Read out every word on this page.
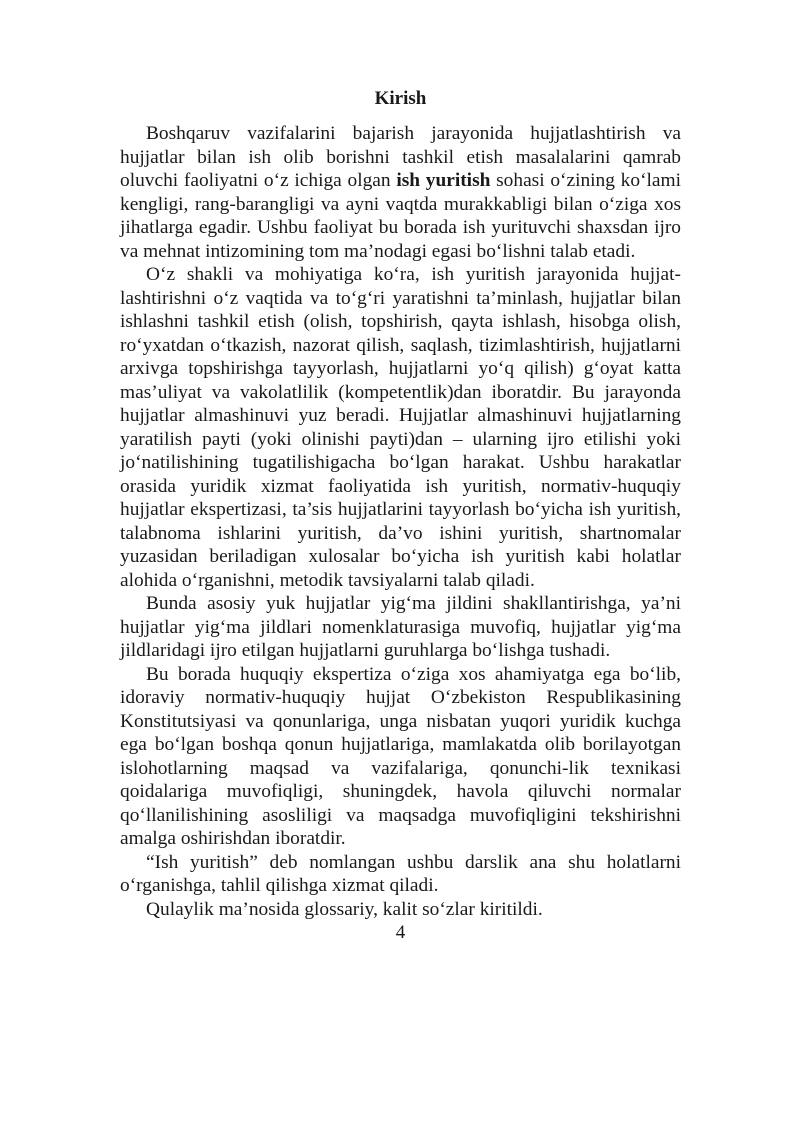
Kirish

Boshqaruv vazifalarini bajarish jarayonida hujjatlashtirish va hujjatlar bilan ish olib borishni tashkil etish masalalarini qamrab oluvchi faoliyatni o‘z ichiga olgan ish yuritish sohasi o‘zining ko‘lami kengligi, rang-barangligi va ayni vaqtda murakkabligi bilan o‘ziga xos jihatlarga egadir. Ushbu faoliyat bu borada ish yurituvchi shaxsdan ijro va mehnat intizomining tom ma’nodagi egasi bo‘lishni talab etadi.

O‘z shakli va mohiyatiga ko‘ra, ish yuritish jarayonida hujjatlashtirishni o‘z vaqtida va to‘g‘ri yaratishni ta’minlash, hujjatlar bilan ishlashni tashkil etish (olish, topshirish, qayta ishlash, hisobga olish, ro‘yxatdan o‘tkazish, nazorat qilish, saqlash, tizimlashtirish, hujjatlarni arxivga topshirishga tayyorlash, hujjatlarni yo‘q qilish) g‘oyat katta mas’uliyat va vakolatlilik (kompetentlik)dan iboratdir. Bu jarayonda hujjatlar almashinuvi yuz beradi. Hujjatlar almashinuvi hujjatlarning yaratilish payti (yoki olinishi payti)dan – ularning ijro etilishi yoki jo‘natilishining tugatilishigacha bo‘lgan harakat. Ushbu harakatlar orasida yuridik xizmat faoliyatida ish yuritish, normativ-huquqiy hujjatlar ekspertizasi, ta’sis hujjatlarini tayyorlash bo‘yicha ish yuritish, talabnoma ishlarini yuritish, da’vo ishini yuritish, shartnomalar yuzasidan beriladigan xulosalar bo‘yicha ish yuritish kabi holatlar alohida o‘rganishni, metodik tavsiyalarni talab qiladi.

Bunda asosiy yuk hujjatlar yig‘ma jildini shakllantirishga, ya’ni hujjatlar yig‘ma jildlari nomenklaturasiga muvofiq, hujjatlar yig‘ma jildlaridagi ijro etilgan hujjatlarni guruhlarga bo‘lishga tushadi.

Bu borada huquqiy ekspertiza o‘ziga xos ahamiyatga ega bo‘lib, idoraviy normativ-huquqiy hujjat O‘zbekiston Respublikasining Konstitutsiyasi va qonunlariga, unga nisbatan yuqori yuridik kuchga ega bo‘lgan boshqa qonun hujjatlariga, mamlakatda olib borilayotgan islohotlarning maqsad va vazifalariga, qonunchi-lik texnikasi qoidalariga muvofiqligi, shuningdek, havola qiluvchi normalar qo‘llanilishining asosliligi va maqsadga muvofiqligini tekshirishni amalga oshirishdan iboratdir.

“Ish yuritish” deb nomlangan ushbu darslik ana shu holatlarni o‘rganishga, tahlil qilishga xizmat qiladi.

Qulaylik ma’nosida glossariy, kalit so‘zlar kiritildi.

4
